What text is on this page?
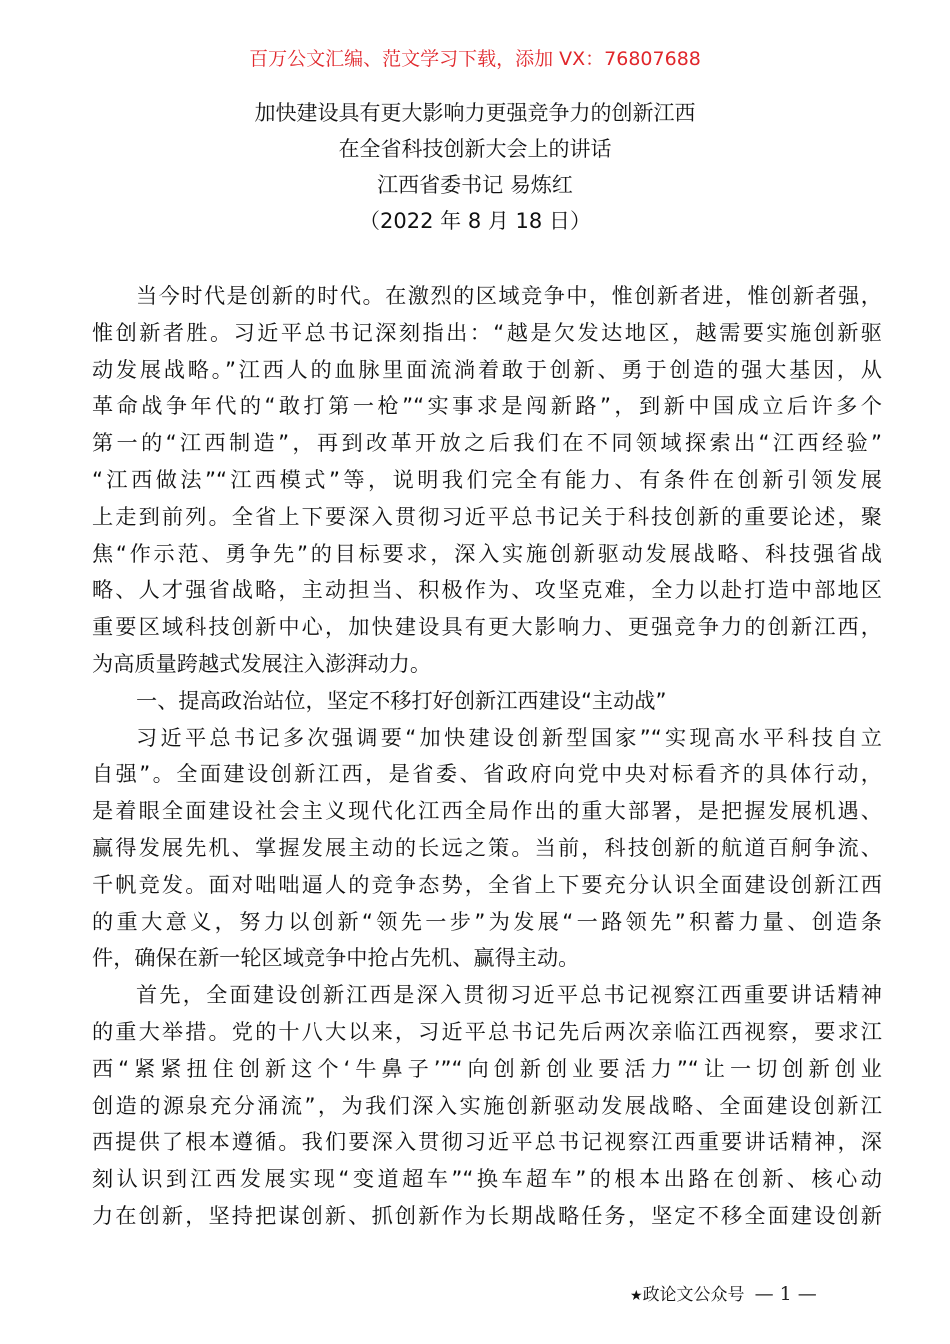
百万公文汇编、范文学习下载，添加 VX：76807688
加快建设具有更大影响力更强竞争力的创新江西
在全省科技创新大会上的讲话
江西省委书记 易炼红
（2022 年 8 月 18 日）
当今时代是创新的时代。在激烈的区域竞争中，惟创新者进，惟创新者强，
惟创新者胜。习近平总书记深刻指出：“越是欠发达地区，越需要实施创新驱
动发展战略。”江西人的血脉里面流淌着敢于创新、勇于创造的强大基因，从
革命战争年代的“敢打第一枪”“实事求是闯新路”，到新中国成立后许多个
第一的“江西制造”，再到改革开放之后我们在不同领域探索出“江西经验”
“江西做法”“江西模式”等，说明我们完全有能力、有条件在创新引领发展
上走到前列。全省上下要深入贯彻习近平总书记关于科技创新的重要论述，聚
焦“作示范、勇争先”的目标要求，深入实施创新驱动发展战略、科技强省战
略、人才强省战略，主动担当、积极作为、攻坚克难，全力以赴打造中部地区
重要区域科技创新中心，加快建设具有更大影响力、更强竞争力的创新江西，
为高质量跨越式发展注入澎湃动力。
一、提高政治站位，坚定不移打好创新江西建设“主动战”
习近平总书记多次强调要“加快建设创新型国家”“实现高水平科技自立
自强”。全面建设创新江西，是省委、省政府向党中央对标看齐的具体行动，
是着眼全面建设社会主义现代化江西全局作出的重大部署，是把握发展机遇、
赢得发展先机、掌握发展主动的长远之策。当前，科技创新的航道百舸争流、
千帆竞发。面对咄咄逼人的竞争态势，全省上下要充分认识全面建设创新江西
的重大意义，努力以创新“领先一步”为发展“一路领先”积蓄力量、创造条
件，确保在新一轮区域竞争中抢占先机、赢得主动。
首先，全面建设创新江西是深入贯彻习近平总书记视察江西重要讲话精神
的重大举措。党的十八大以来，习近平总书记先后两次亲临江西视察，要求江
西“紧紧扭住创新这个‘牛鼻子’”“向创新创业要活力”“让一切创新创业
创造的源泉充分涌流”，为我们深入实施创新驱动发展战略、全面建设创新江
西提供了根本遵循。我们要深入贯彻习近平总书记视察江西重要讲话精神，深
刻认识到江西发展实现“变道超车”“换车超车”的根本出路在创新、核心动
力在创新，坚持把谋创新、抓创新作为长期战略任务，坚定不移全面建设创新
★政论文公众号 — 1 —
